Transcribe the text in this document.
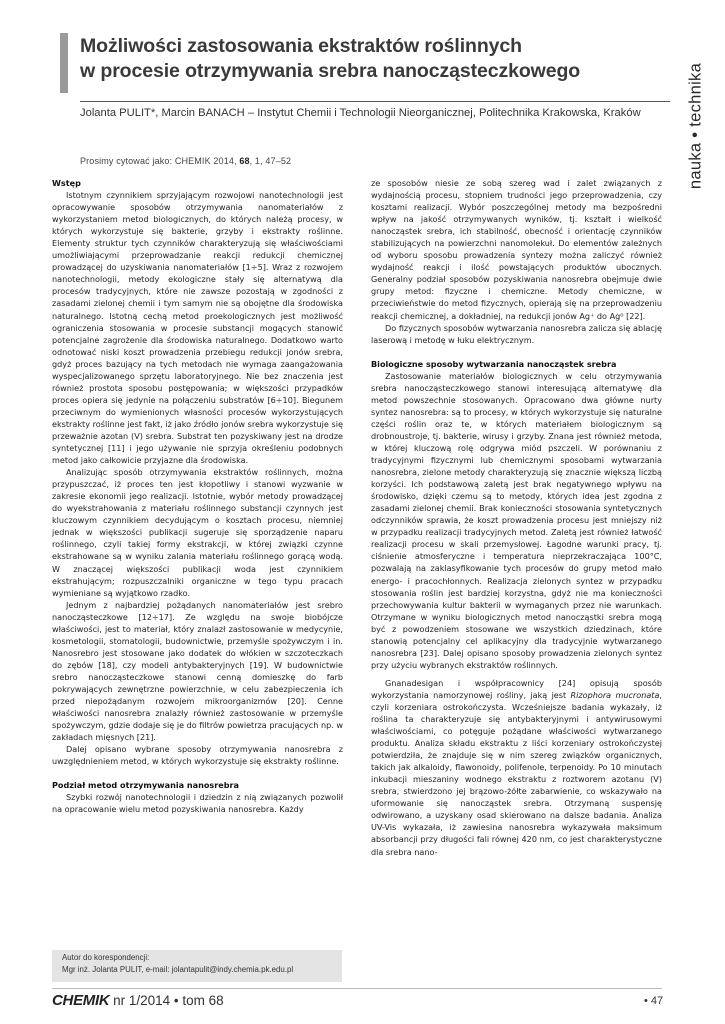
Możliwości zastosowania ekstraktów roślinnych
w procesie otrzymywania srebra nanocząsteczkowego
Jolanta PULIT*, Marcin BANACH – Instytut Chemii i Technologii Nieorganicznej, Politechnika Krakowska, Kraków
Prosimy cytować jako: CHEMIK 2014, 68, 1, 47–52	nauka • technika
Wstęp

Istotnym czynnikiem sprzyjającym rozwojowi nanotechnologii jest opracowywanie sposobów otrzymywania nanomateriałów z wykorzystaniem metod biologicznych, do których należą procesy, w których wykorzystuje się bakterie, grzyby i ekstrakty roślinne. Elementy struktur tych czynników charakteryzują się właściwościami umożliwiającymi przeprowadzanie reakcji redukcji chemicznej prowadzącej do uzyskiwania nanomateriałów [1÷5]. Wraz z rozwojem nanotechnologii, metody ekologiczne stały się alternatywą dla procesów tradycyjnych, które nie zawsze pozostają w zgodności z zasadami zielonej chemii i tym samym nie są obojętne dla środowiska naturalnego. Istotną cechą metod proekologicznych jest możliwość ograniczenia stosowania w procesie substancji mogących stanowić potencjalne zagrożenie dla środowiska naturalnego. Dodatkowo warto odnotować niski koszt prowadzenia przebiegu redukcji jonów srebra, gdyż proces bazujący na tych metodach nie wymaga zaangażowania wyspecjalizowanego sprzętu laboratoryjnego. Nie bez znaczenia jest również prostota sposobu postępowania; w większości przypadków proces opiera się jedynie na połączeniu substratów [6÷10]. Biegunem przeciwnym do wymienionych własności procesów wykorzystujących ekstrakty roślinne jest fakt, iż jako źródło jonów srebra wykorzystuje się przeważnie azotan (V) srebra. Substrat ten pozyskiwany jest na drodze syntetycznej [11] i jego używanie nie sprzyja określeniu podobnych metod jako całkowicie przyjazne dla środowiska.

Analizując sposób otrzymywania ekstraktów roślinnych, można przypuszczać, iż proces ten jest kłopotliwy i stanowi wyzwanie w zakresie ekonomii jego realizacji. Istotnie, wybór metody prowadzącej do wyekstrahowania z materiału roślinnego substancji czynnych jest kluczowym czynnikiem decydującym o kosztach procesu, niemniej jednak w większości publikacji sugeruje się sporządzenie naparu roślinnego, czyli takiej formy ekstrakcji, w której związki czynne ekstrahowane są w wyniku zalania materiału roślinnego gorącą wodą. W znaczącej większości publikacji woda jest czynnikiem ekstrahującym; rozpuszczalniki organiczne w tego typu pracach wymieniane są wyjątkowo rzadko.

Jednym z najbardziej pożądanych nanomateriałów jest srebro nanocząsteczkowe [12÷17]. Ze względu na swoje biobójcze właściwości, jest to materiał, który znalazł zastosowanie w medycynie, kosmetologii, stomatologii, budownictwie, przemyśle spożywczym i in. Nanosrebro jest stosowane jako dodatek do włókien w szczoteczkach do zębów [18], czy modeli antybakteryjnych [19]. W budownictwie srebro nanocząsteczkowe stanowi cenną domieszkę do farb pokrywających zewnętrzne powierzchnie, w celu zabezpieczenia ich przed niepożądanym rozwojem mikroorganizmów [20]. Cenne właściwości nanosrebra znalazły również zastosowanie w przemyśle spożywczym, gdzie dodaje się je do filtrów powietrza pracujących np. w zakładach mięsnych [21].

Dalej opisano wybrane sposoby otrzymywania nanosrebra z uwzględnieniem metod, w których wykorzystuje się ekstrakty roślinne.

Podział metod otrzymywania nanosrebra

Szybki rozwój nanotechnologii i dziedzin z nią związanych pozwolił na opracowanie wielu metod pozyskiwania nanosrebra. Każdy

ze sposobów niesie ze sobą szereg wad i zalet związanych z wydajnością procesu, stopniem trudności jego przeprowadzenia, czy kosztami realizacji. Wybór poszczególnej metody ma bezpośredni wpływ na jakość otrzymywanych wyników, tj. kształt i wielkość nanocząstek srebra, ich stabilność, obecność i orientację czynników stabilizujących na powierzchni nanomolekuł. Do elementów zależnych od wyboru sposobu prowadzenia syntezy można zaliczyć również wydajność reakcji i ilość powstających produktów ubocznych. Generalny podział sposobów pozyskiwania nanosrebra obejmuje dwie grupy metod: fizyczne i chemiczne. Metody chemiczne, w przeciwieństwie do metod fizycznych, opierają się na przeprowadzeniu reakcji chemicznej, a dokładniej, na redukcji jonów Ag⁺ do Ag⁰ [22].

Do fizycznych sposobów wytwarzania nanosrebra zalicza się ablację laserową i metodę w łuku elektrycznym.

Biologiczne sposoby wytwarzania nanocząstek srebra

Zastosowanie materiałów biologicznych w celu otrzymywania srebra nanocząsteczkowego stanowi interesującą alternatywę dla metod powszechnie stosowanych. Opracowano dwa główne nurty syntez nanosrebra: są to procesy, w których wykorzystuje się naturalne części roślin oraz te, w których materiałem biologicznym są drobnoustroje, tj. bakterie, wirusy i grzyby. Znana jest również metoda, w której kluczową rolę odgrywa miód pszczeli. W porównaniu z tradycyjnymi fizycznymi lub chemicznymi sposobami wytwarzania nanosrebra, zielone metody charakteryzują się znacznie większą liczbą korzyści. Ich podstawową zaletą jest brak negatywnego wpływu na środowisko, dzięki czemu są to metody, których idea jest zgodna z zasadami zielonej chemii. Brak konieczności stosowania syntetycznych odczynników sprawia, że koszt prowadzenia procesu jest mniejszy niż w przypadku realizacji tradycyjnych metod. Zaletą jest również łatwość realizacji procesu w skali przemysłowej. Łagodne warunki pracy, tj. ciśnienie atmosferyczne i temperatura nieprzekraczająca 100°C, pozwalają na zaklasyfikowanie tych procesów do grupy metod mało energo- i pracochłonnych. Realizacja zielonych syntez w przypadku stosowania roślin jest bardziej korzystna, gdyż nie ma konieczności przechowywania kultur bakterii w wymaganych przez nie warunkach. Otrzymane w wyniku biologicznych metod nanocząstki srebra mogą być z powodzeniem stosowane we wszystkich dziedzinach, które stanowią potencjalny cel aplikacyjny dla tradycyjnie wytwarzanego nanosrebra [23]. Dalej opisano sposoby prowadzenia zielonych syntez przy użyciu wybranych ekstraktów roślinnych.

Gnanadesigan i współpracownicy [24] opisują sposób wykorzystania namorzynowej rośliny, jaką jest Rizophora mucronata, czyli korzeniara ostrokończysta. Wcześniejsze badania wykazały, iż roślina ta charakteryzuje się antybakteryjnymi i antywirusowymi właściwościami, co potęguje pożądane właściwości wytwarzanego produktu. Analiza składu ekstraktu z liści korzeniary ostrokończystej potwierdziła, że znajduje się w nim szereg związków organicznych, takich jak alkaloidy, flawonoidy, polifenole, terpenoidy. Po 10 minutach inkubacji mieszaniny wodnego ekstraktu z roztworem azotanu (V) srebra, stwierdzono jej brązowo-żółte zabarwienie, co wskazywało na uformowanie się nanocząstek srebra. Otrzymaną suspensję odwirowano, a uzyskany osad skierowano na dalsze badania. Analiza UV-Vis wykazała, iż zawiesina nanosrebra wykazywała maksimum absorbancji przy długości fali równej 420 nm, co jest charakterystyczne dla srebra nano-

Autor do korespondencji:
Mgr inż. Jolanta PULIT, e-mail: jolantapulit@indy.chemia.pk.edu.pl
CHEMIK nr 1/2014 • tom 68	• 47
